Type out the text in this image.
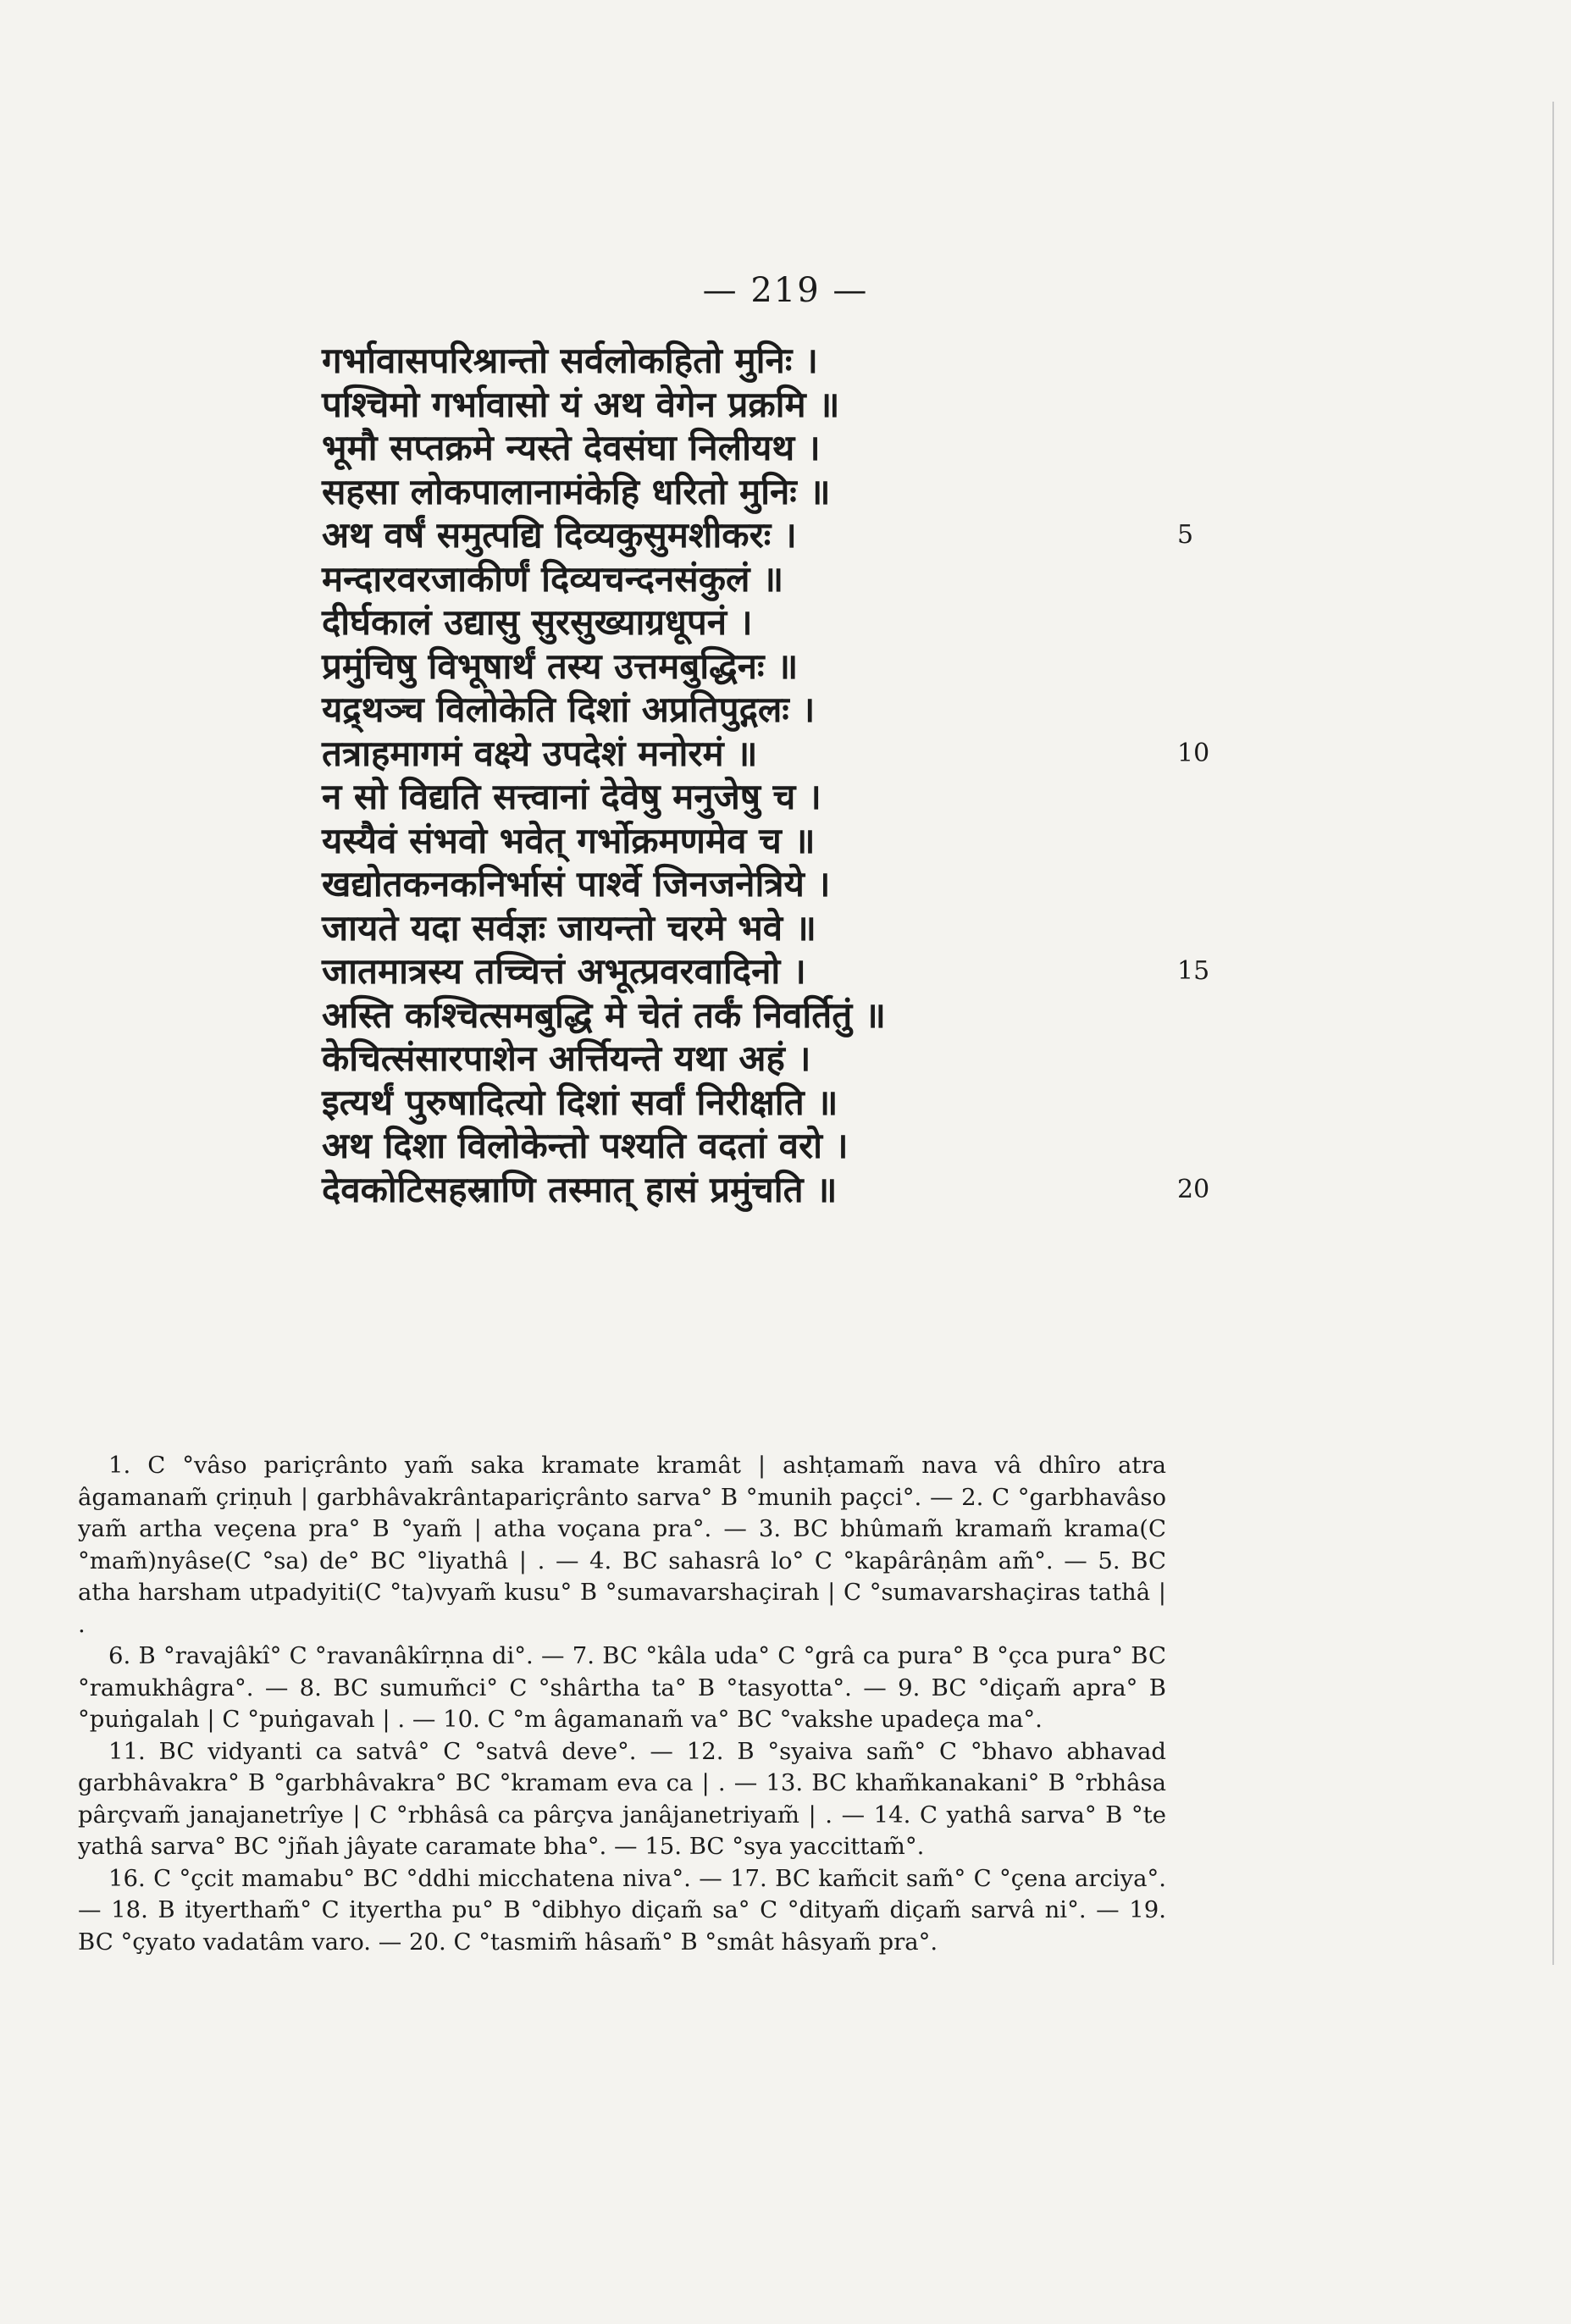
— 219 —
गर्भावासपरिश्रान्तो सर्वलोकहितो मुनिः ।
पश्चिमो गर्भावासो यं अथ वेगेन प्रक्रमि ॥
भूमौ सप्तक्रमे न्यस्ते देवसंघा निलीयथ ।
सहसा लोकपालानामंकेहि धरितो मुनिः ॥
अथ वर्षं समुत्पद्यि दिव्यकुसुमशीकरः ।	5
मन्दारवरजाकीर्णं दिव्यचन्दनसंकुलं ॥
दीर्घकालं उद्यासु सुरसुख्याग्रधूपनं ।
प्रमुंचिषु विभूषार्थं तस्य उत्तमबुद्धिनः ॥
यद्र्थञ्च विलोकेति दिशां अप्रतिपुद्गलः ।
तत्राहमागमं वक्ष्ये उपदेशं मनोरमं ॥	10
न सो विद्यति सत्त्वानां देवेषु मनुजेषु च ।
यस्यैवं संभवो भवेत् गर्भोक्रमणमेव च ॥
खद्योतकनकनिर्भासं पार्श्वे जिनजनेत्रिये ।
जायते यदा सर्वज्ञः जायन्तो चरमे भवे ॥
जातमात्रस्य तच्चित्तं अभूत्प्रवरवादिनो ।	15
अस्ति कश्चित्समबुद्धि मे चेतं तर्कं निवर्तितुं ॥
केचित्संसारपाशेन अर्त्तियन्ते यथा अहं ।
इत्यर्थं पुरुषादित्यो दिशां सर्वां निरीक्षति ॥
अथ दिशा विलोकेन्तो पश्यति वदतां वरो ।
देवकोटिसहस्राणि तस्मात् हासं प्रमुंचति ॥	20

1. C °vâso pariçrânto yam̃ saka kramate kramât | ashṭamam̃ nava vâ dhîro atra âgamanam̃ çriṇuh | garbhâvakrântapariçrânto sarva° B °munih paçci°. — 2. C °garbhavâso yam̃ artha veçena pra° B °yam̃ | atha voçana pra°. — 3. BC bhûmam̃ kramam̃ krama(C °mam̃)nyâse(C °sa) de° BC °liyathâ | . — 4. BC sahasrâ lo° C °kapârâṇâm am̃°. — 5. BC atha harsham utpadyiti(C °ta)vyam̃ kusu° B °sumavarshaçirah | C °sumavarshaçiras tathâ | .

6. B °ravajâkî° C °ravanâkîrṇna di°. — 7. BC °kâla uda° C °grâ ca pura° B °çca pura° BC °ramukhâgra°. — 8. BC sumum̃ci° C °shârtha ta° B °tasyotta°. — 9. BC °diçam̃ apra° B °puṅgalah | C °puṅgavah | . — 10. C °m âgamanam̃ va° BC °vakshe upadeça ma°.

11. BC vidyanti ca satvâ° C °satvâ deve°. — 12. B °syaiva sam̃° C °bhavo abhavad garbhâvakra° B °garbhâvakra° BC °kramam eva ca | . — 13. BC kham̃kanakani° B °rbhâsa pârçvam̃ janajanetrîye | C °rbhâsâ ca pârçva janâjanetriyam̃ | . — 14. C yathâ sarva° B °te yathâ sarva° BC °jñah jâyate caramate bha°. — 15. BC °sya yaccittam̃°.

16. C °çcit mamabu° BC °ddhi micchatena niva°. — 17. BC kam̃cit sam̃° C °çena arciya°. — 18. B ityertham̃° C ityertha pu° B °dibhyo diçam̃ sa° C °dityam̃ diçam̃ sarvâ ni°. — 19. BC °çyato vadatâm varo. — 20. C °tasmim̃ hâsam̃° B °smât hâsyam̃ pra°.
